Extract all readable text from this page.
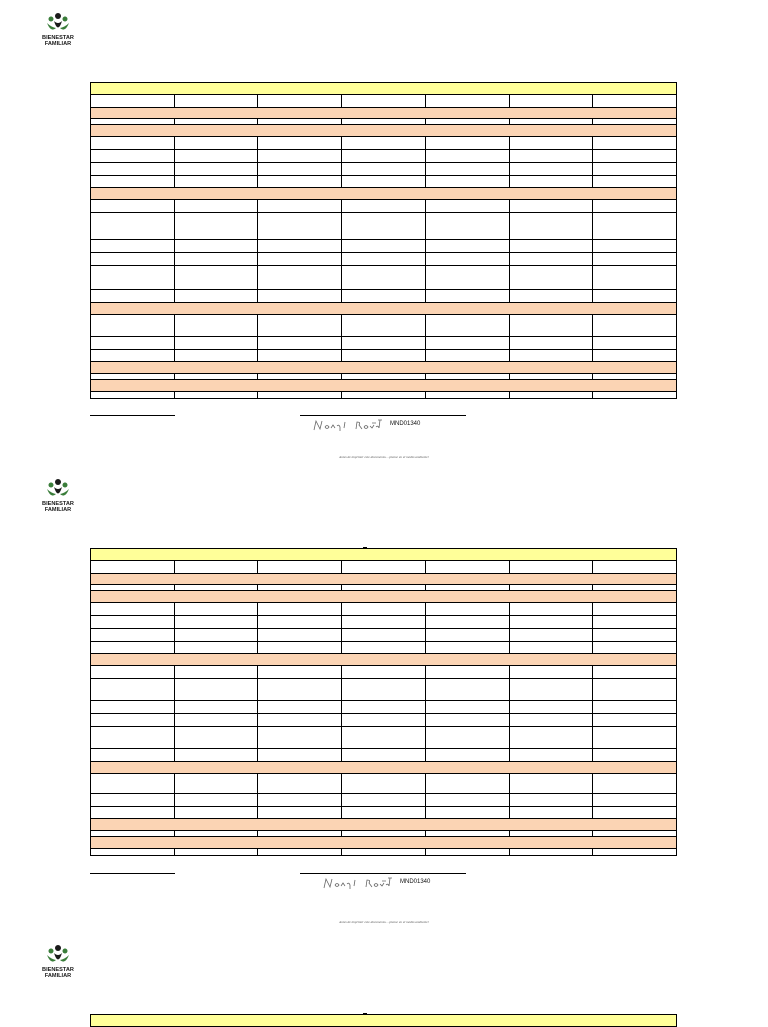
BIENESTAR
FAMILIAR

MND01340
Antes de imprimir este documento… piense en el medio ambiente!
BIENESTAR
FAMILIAR

MND01340
Antes de imprimir este documento… piense en el medio ambiente!
BIENESTAR
FAMILIAR
